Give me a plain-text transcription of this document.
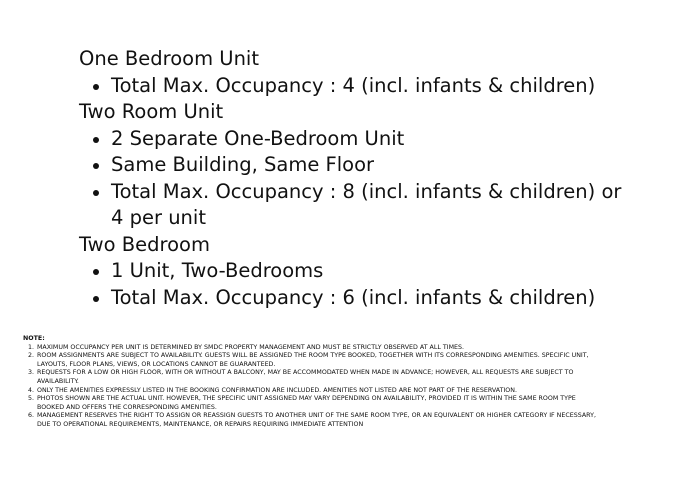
One Bedroom Unit

Total Max. Occupancy : 4 (incl. infants & children)

Two Room Unit

2 Separate One-Bedroom Unit
Same Building, Same Floor
Total Max. Occupancy : 8 (incl. infants & children) or
4 per unit

Two Bedroom

1 Unit, Two-Bedrooms
Total Max. Occupancy : 6 (incl. infants & children)

NOTE:

1. MAXIMUM OCCUPANCY PER UNIT IS DETERMINED BY SMDC PROPERTY MANAGEMENT AND MUST BE STRICTLY OBSERVED AT ALL TIMES.
2. ROOM ASSIGNMENTS ARE SUBJECT TO AVAILABILITY. GUESTS WILL BE ASSIGNED THE ROOM TYPE BOOKED, TOGETHER WITH ITS CORRESPONDING AMENITIES. SPECIFIC UNIT,
LAYOUTS, FLOOR PLANS, VIEWS, OR LOCATIONS CANNOT BE GUARANTEED.
3. REQUESTS FOR A LOW OR HIGH FLOOR, WITH OR WITHOUT A BALCONY, MAY BE ACCOMMODATED WHEN MADE IN ADVANCE; HOWEVER, ALL REQUESTS ARE SUBJECT TO
AVAILABILITY.
4. ONLY THE AMENITIES EXPRESSLY LISTED IN THE BOOKING CONFIRMATION ARE INCLUDED. AMENITIES NOT LISTED ARE NOT PART OF THE RESERVATION.
5. PHOTOS SHOWN ARE THE ACTUAL UNIT. HOWEVER, THE SPECIFIC UNIT ASSIGNED MAY VARY DEPENDING ON AVAILABILITY, PROVIDED IT IS WITHIN THE SAME ROOM TYPE
BOOKED AND OFFERS THE CORRESPONDING AMENITIES.
6. MANAGEMENT RESERVES THE RIGHT TO ASSIGN OR REASSIGN GUESTS TO ANOTHER UNIT OF THE SAME ROOM TYPE, OR AN EQUIVALENT OR HIGHER CATEGORY IF NECESSARY,
DUE TO OPERATIONAL REQUIREMENTS, MAINTENANCE, OR REPAIRS REQUIRING IMMEDIATE ATTENTION
